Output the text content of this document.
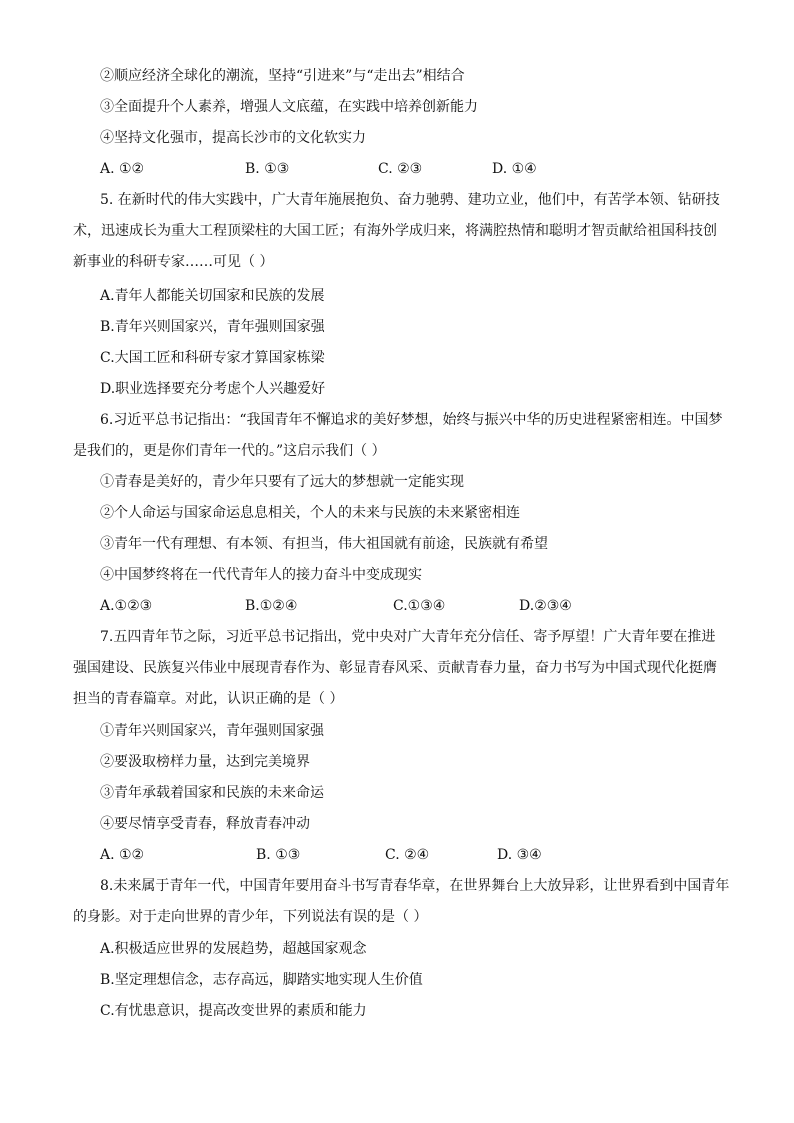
②顺应经济全球化的潮流，坚持“引进来”与“走出去”相结合
③全面提升个人素养，增强人文底蕴，在实践中培养创新能力
④坚持文化强市，提高长沙市的文化软实力
A. ①②	B. ①③	C. ②③	D. ①④
5. 在新时代的伟大实践中，广大青年施展抱负、奋力驰骋、建功立业，他们中，有苦学本领、钻研技
术，迅速成长为重大工程顶梁柱的大国工匠；有海外学成归来，将满腔热情和聪明才智贡献给祖国科技创
新事业的科研专家……可见（ ）
A.青年人都能关切国家和民族的发展
B.青年兴则国家兴，青年强则国家强
C.大国工匠和科研专家才算国家栋梁
D.职业选择要充分考虑个人兴趣爱好
6.习近平总书记指出：“我国青年不懈追求的美好梦想，始终与振兴中华的历史进程紧密相连。中国梦
是我们的，更是你们青年一代的。”这启示我们（ ）
①青春是美好的，青少年只要有了远大的梦想就一定能实现
②个人命运与国家命运息息相关，个人的未来与民族的未来紧密相连
③青年一代有理想、有本领、有担当，伟大祖国就有前途，民族就有希望
④中国梦终将在一代代青年人的接力奋斗中变成现实
A.①②③	B.①②④	C.①③④	D.②③④
7.五四青年节之际，习近平总书记指出，党中央对广大青年充分信任、寄予厚望！广大青年要在推进
强国建设、民族复兴伟业中展现青春作为、彰显青春风采、贡献青春力量，奋力书写为中国式现代化挺膺
担当的青春篇章。对此，认识正确的是（ ）
①青年兴则国家兴，青年强则国家强
②要汲取榜样力量，达到完美境界
③青年承载着国家和民族的未来命运
④要尽情享受青春，释放青春冲动
A. ①②	B. ①③	C. ②④	D. ③④
8.未来属于青年一代，中国青年要用奋斗书写青春华章，在世界舞台上大放异彩，让世界看到中国青年
的身影。对于走向世界的青少年，下列说法有误的是（ ）
A.积极适应世界的发展趋势，超越国家观念
B.坚定理想信念，志存高远，脚踏实地实现人生价值
C.有忧患意识，提高改变世界的素质和能力
